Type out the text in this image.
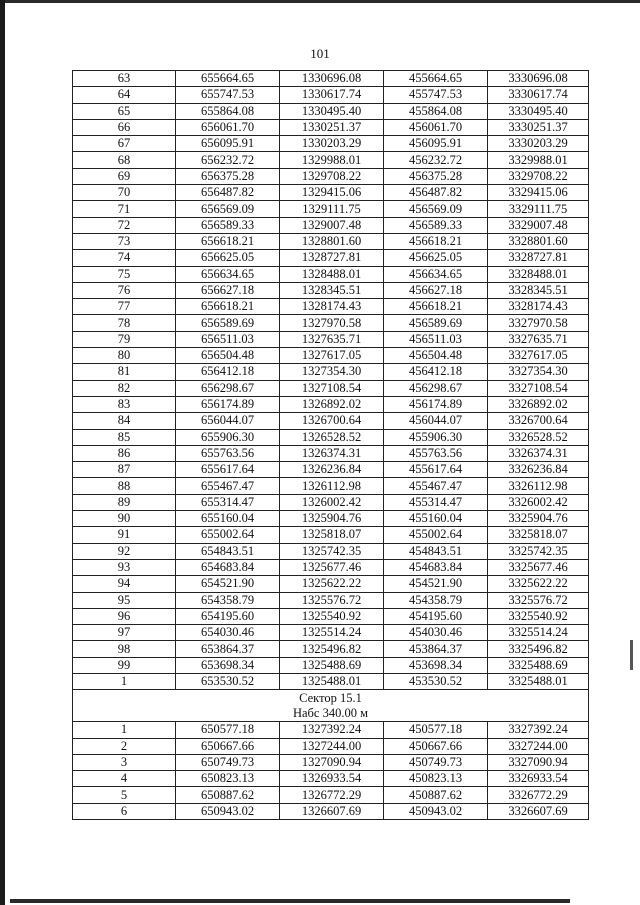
101
63	655664.65	1330696.08	455664.65	3330696.08
64	655747.53	1330617.74	455747.53	3330617.74
65	655864.08	1330495.40	455864.08	3330495.40
66	656061.70	1330251.37	456061.70	3330251.37
67	656095.91	1330203.29	456095.91	3330203.29
68	656232.72	1329988.01	456232.72	3329988.01
69	656375.28	1329708.22	456375.28	3329708.22
70	656487.82	1329415.06	456487.82	3329415.06
71	656569.09	1329111.75	456569.09	3329111.75
72	656589.33	1329007.48	456589.33	3329007.48
73	656618.21	1328801.60	456618.21	3328801.60
74	656625.05	1328727.81	456625.05	3328727.81
75	656634.65	1328488.01	456634.65	3328488.01
76	656627.18	1328345.51	456627.18	3328345.51
77	656618.21	1328174.43	456618.21	3328174.43
78	656589.69	1327970.58	456589.69	3327970.58
79	656511.03	1327635.71	456511.03	3327635.71
80	656504.48	1327617.05	456504.48	3327617.05
81	656412.18	1327354.30	456412.18	3327354.30
82	656298.67	1327108.54	456298.67	3327108.54
83	656174.89	1326892.02	456174.89	3326892.02
84	656044.07	1326700.64	456044.07	3326700.64
85	655906.30	1326528.52	455906.30	3326528.52
86	655763.56	1326374.31	455763.56	3326374.31
87	655617.64	1326236.84	455617.64	3326236.84
88	655467.47	1326112.98	455467.47	3326112.98
89	655314.47	1326002.42	455314.47	3326002.42
90	655160.04	1325904.76	455160.04	3325904.76
91	655002.64	1325818.07	455002.64	3325818.07
92	654843.51	1325742.35	454843.51	3325742.35
93	654683.84	1325677.46	454683.84	3325677.46
94	654521.90	1325622.22	454521.90	3325622.22
95	654358.79	1325576.72	454358.79	3325576.72
96	654195.60	1325540.92	454195.60	3325540.92
97	654030.46	1325514.24	454030.46	3325514.24
98	653864.37	1325496.82	453864.37	3325496.82
99	653698.34	1325488.69	453698.34	3325488.69
1	653530.52	1325488.01	453530.52	3325488.01

Сектор 15.1
Набс 340.00 м				

1	650577.18	1327392.24	450577.18	3327392.24
2	650667.66	1327244.00	450667.66	3327244.00
3	650749.73	1327090.94	450749.73	3327090.94
4	650823.13	1326933.54	450823.13	3326933.54
5	650887.62	1326772.29	450887.62	3326772.29
6	650943.02	1326607.69	450943.02	3326607.69
